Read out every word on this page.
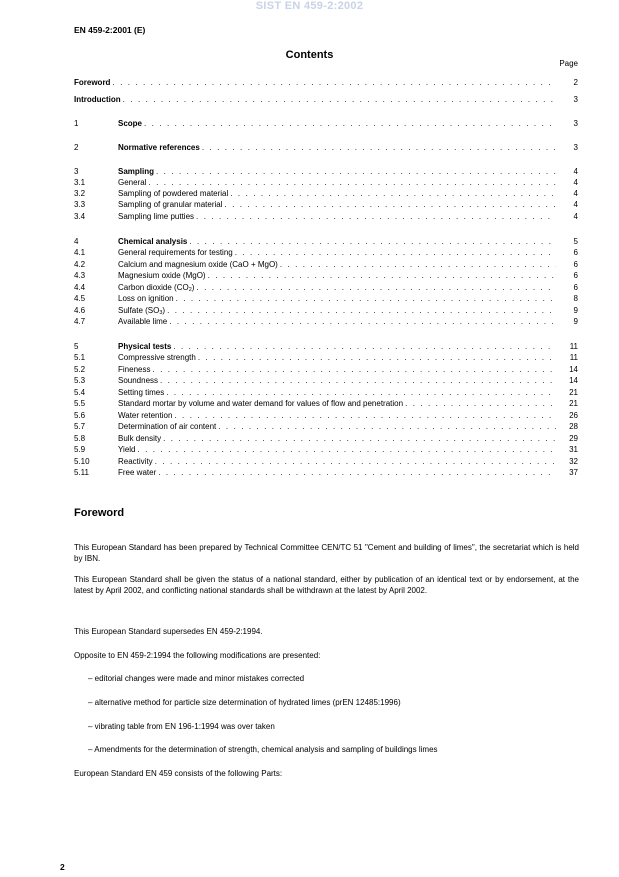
SIST EN 459-2:2002
EN 459-2:2001 (E)
Contents
Page
Foreword . . .	2
Introduction . . .	3
1	Scope . . .	3
2	Normative references . . .	3
3	Sampling . . .	4
3.1	General . . .	4
3.2	Sampling of powdered material . . .	4
3.3	Sampling of granular material . . .	4
3.4	Sampling lime putties . . .	4
4	Chemical analysis . . .	5
4.1	General requirements for testing . . .	6
4.2	Calcium and magnesium oxide (CaO + MgO) . . .	6
4.3	Magnesium oxide (MgO) . . .	6
4.4	Carbon dioxide $(CO_2)$ . . .	6
4.5	Loss on ignition . . .	8
4.6	Sulfate $(SO_3)$ . . .	9
4.7	Available lime . . .	9
5	Physical tests . . .	11
5.1	Compressive strength . . .	11
5.2	Fineness . . .	14
5.3	Soundness . . .	14
5.4	Setting times . . .	21
5.5	Standard mortar by volume and water demand for values of flow and penetration . . .	21
5.6	Water retention . . .	26
5.7	Determination of air content . . .	28
5.8	Bulk density . . .	29
5.9	Yield . . .	31
5.10	Reactivity . . .	32
5.11	Free water . . .	37
Foreword
This European Standard has been prepared by Technical Committee CEN/TC 51 "Cement and building of limes", the secretariat which is held by IBN.
This European Standard shall be given the status of a national standard, either by publication of an identical text or by endorsement, at the latest by April 2002, and conflicting national standards shall be withdrawn at the latest by April 2002.
This European Standard supersedes EN 459-2:1994.
Opposite to EN 459-2:1994 the following modifications are presented:
– editorial changes were made and minor mistakes corrected
– alternative method for particle size determination of hydrated limes (prEN 12485:1996)
– vibrating table from EN 196-1:1994 was over taken
– Amendments for the determination of strength, chemical analysis and sampling of buildings limes
European Standard EN 459 consists of the following Parts:
2
